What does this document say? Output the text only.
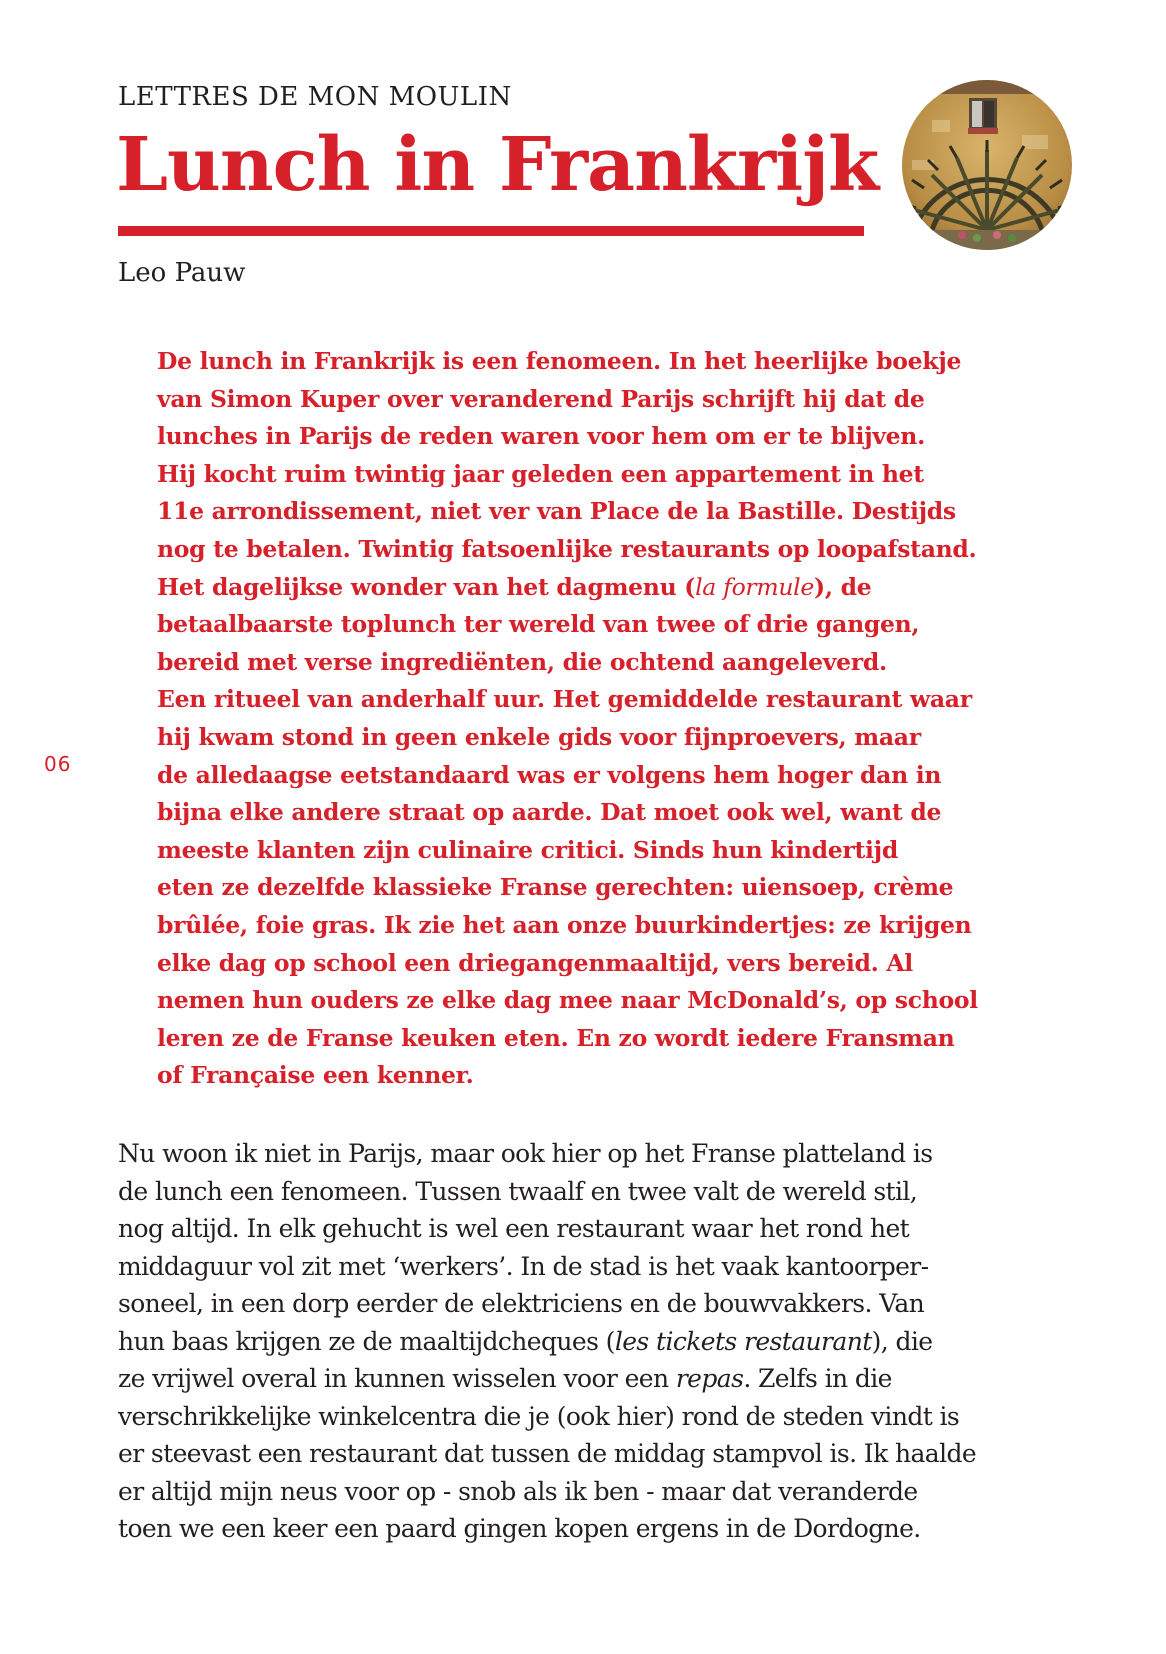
LETTRES DE MON MOULIN
Lunch in Frankrijk
Leo Pauw
De lunch in Frankrijk is een fenomeen. In het heerlijke boekje
van Simon Kuper over veranderend Parijs schrijft hij dat de
lunches in Parijs de reden waren voor hem om er te blijven.
Hij kocht ruim twintig jaar geleden een appartement in het
11e arrondissement, niet ver van Place de la Bastille. Destijds
nog te betalen. Twintig fatsoenlijke restaurants op loopafstand.
Het dagelijkse wonder van het dagmenu (la formule), de
betaalbaarste toplunch ter wereld van twee of drie gangen,
bereid met verse ingrediënten, die ochtend aangeleverd.
Een ritueel van anderhalf uur. Het gemiddelde restaurant waar
hij kwam stond in geen enkele gids voor fijnproevers, maar
de alledaagse eetstandaard was er volgens hem hoger dan in
bijna elke andere straat op aarde. Dat moet ook wel, want de
meeste klanten zijn culinaire critici. Sinds hun kindertijd
eten ze dezelfde klassieke Franse gerechten: uiensoep, crème
brûlée, foie gras. Ik zie het aan onze buurkindertjes: ze krijgen
elke dag op school een driegangenmaaltijd, vers bereid. Al
nemen hun ouders ze elke dag mee naar McDonald’s, op school
leren ze de Franse keuken eten. En zo wordt iedere Fransman
of Française een kenner.
06
Nu woon ik niet in Parijs, maar ook hier op het Franse platteland is
de lunch een fenomeen. Tussen twaalf en twee valt de wereld stil,
nog altijd. In elk gehucht is wel een restaurant waar het rond het
middaguur vol zit met ‘werkers’. In de stad is het vaak kantoorper-
soneel, in een dorp eerder de elektriciens en de bouwvakkers. Van
hun baas krijgen ze de maaltijdcheques (les tickets restaurant), die
ze vrijwel overal in kunnen wisselen voor een repas. Zelfs in die
verschrikkelijke winkelcentra die je (ook hier) rond de steden vindt is
er steevast een restaurant dat tussen de middag stampvol is. Ik haalde
er altijd mijn neus voor op - snob als ik ben - maar dat veranderde
toen we een keer een paard gingen kopen ergens in de Dordogne.
